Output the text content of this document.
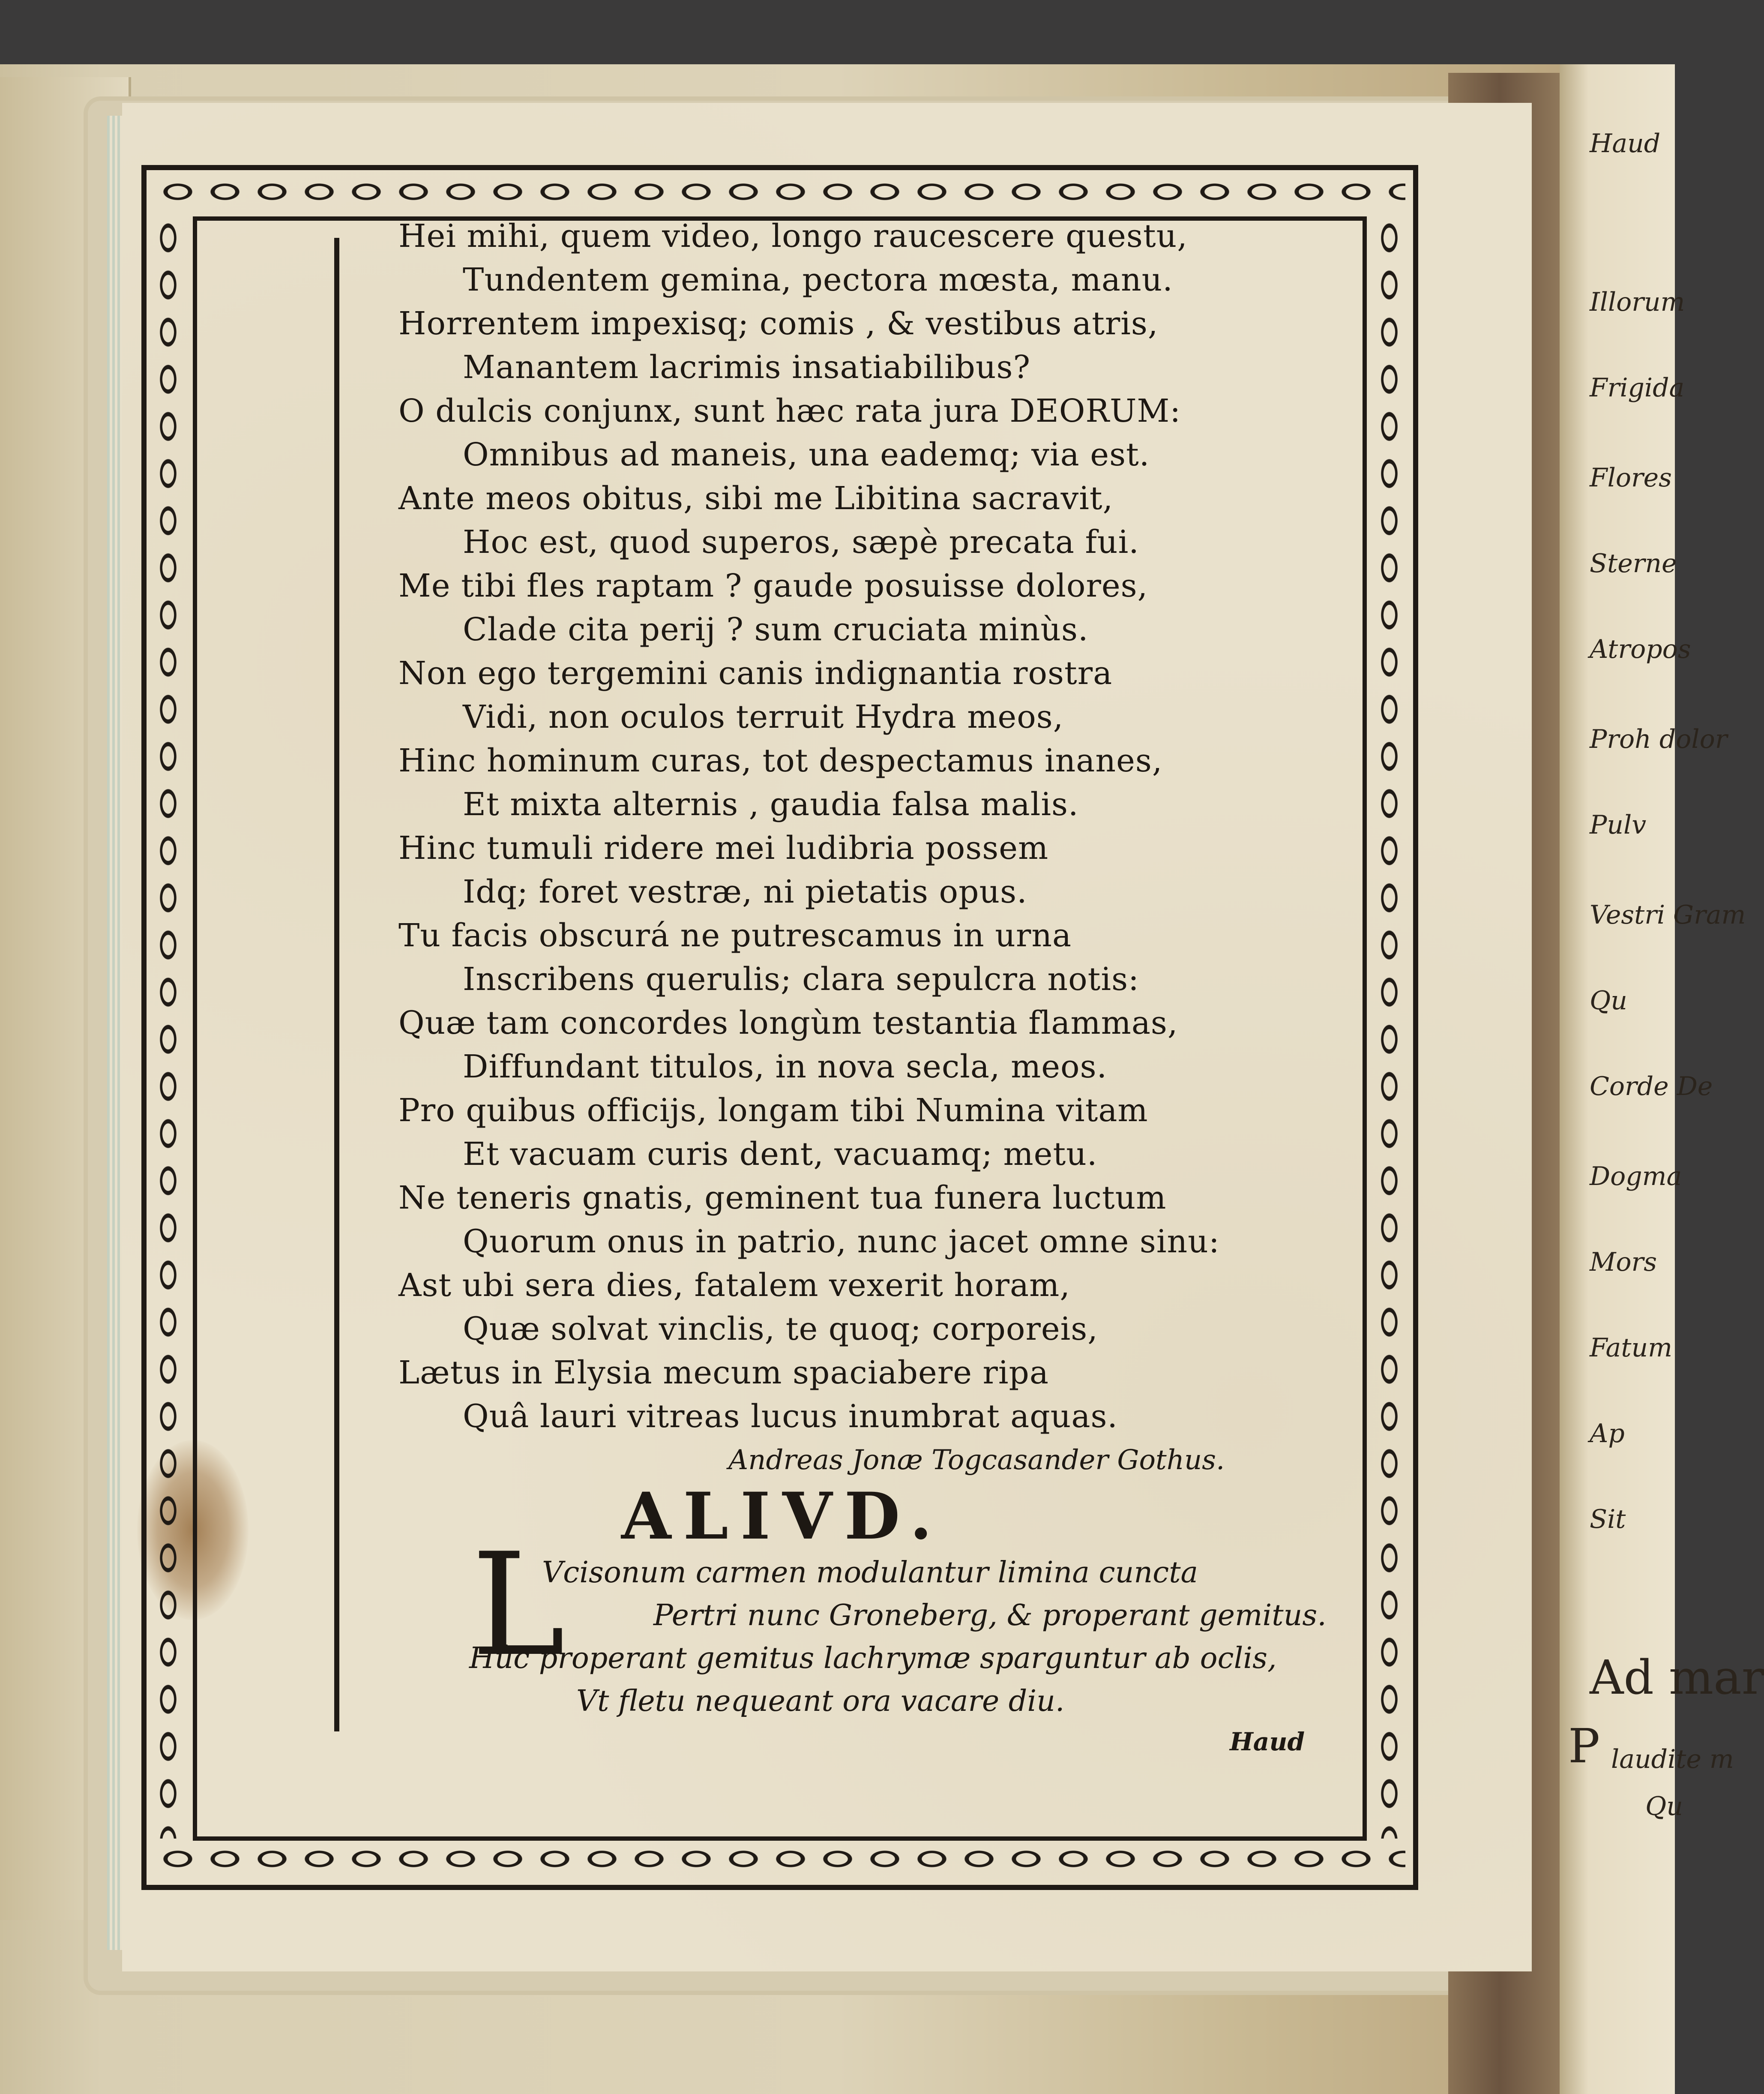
Haud
Illorum
Frigida
Flores
Sterne
Atropos
Proh dolor
Pulv
Vestri Gram
Qu
Corde De
Dogma
Mors
Fatum
Ap
Sit
Ad mar
P laudite m
Qu
Hei mihi, quem video, longo raucescere questu,
Tundentem gemina, pectora mœsta, manu.
Horrentem impexisq; comis , & vestibus atris,
Manantem lacrimis insatiabilibus?
O dulcis conjunx, sunt hæc rata jura DEORUM:
Omnibus ad maneis, una eademq; via est.
Ante meos obitus, sibi me Libitina sacravit,
Hoc est, quod superos, sæpè precata fui.
Me tibi fles raptam ? gaude posuisse dolores,
Clade cita perij ? sum cruciata minùs.
Non ego tergemini canis indignantia rostra
Vidi, non oculos terruit Hydra meos,
Hinc hominum curas, tot despectamus inanes,
Et mixta alternis , gaudia falsa malis.
Hinc tumuli ridere mei ludibria possem
Idq; foret vestræ, ni pietatis opus.
Tu facis obscurá ne putrescamus in urna
Inscribens querulis; clara sepulcra notis:
Quæ tam concordes longùm testantia flammas,
Diffundant titulos, in nova secla, meos.
Pro quibus officijs, longam tibi Numina vitam
Et vacuam curis dent, vacuamq; metu.
Ne teneris gnatis, geminent tua funera luctum
Quorum onus in patrio, nunc jacet omne sinu:
Ast ubi sera dies, fatalem vexerit horam,
Quæ solvat vinclis, te quoq; corporeis,
Lætus in Elysia mecum spaciabere ripa
Quâ lauri vitreas lucus inumbrat aquas.
Andreas Jonæ Togcasander Gothus.
ALIVD.
L
Vcisonum carmen modulantur limina cuncta
Pertri nunc Groneberg, & properant gemitus.
Hûc properant gemitus lachrymæ sparguntur ab oclis,
Vt fletu nequeant ora vacare diu.
Haud
